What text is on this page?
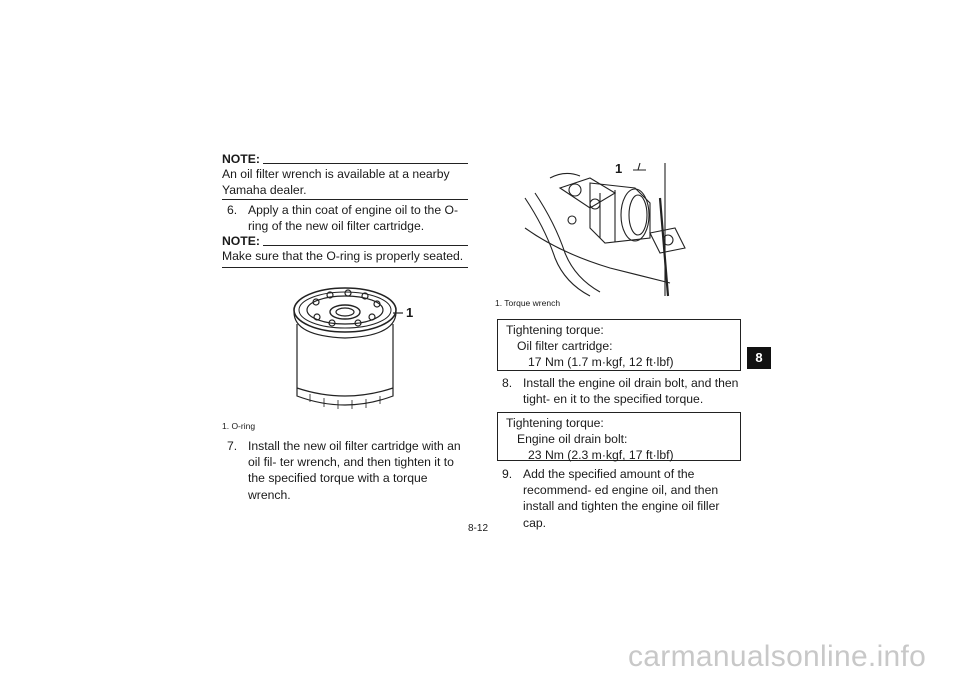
NOTE:
An oil filter wrench is available at a nearby Yamaha dealer.
6. Apply a thin coat of engine oil to the O-ring of the new oil filter cartridge.
NOTE:
Make sure that the O-ring is properly seated.
1
1. O-ring
7. Install the new oil filter cartridge with an oil fil- ter wrench, and then tighten it to the specified torque with a torque wrench.
1
1. Torque wrench
Tightening torque:
Oil filter cartridge:
17 Nm (1.7 m·kgf, 12 ft·lbf)
8. Install the engine oil drain bolt, and then tight- en it to the specified torque.
Tightening torque:
Engine oil drain bolt:
23 Nm (2.3 m·kgf, 17 ft·lbf)
9. Add the specified amount of the recommend- ed engine oil, and then install and tighten the engine oil filler cap.
8
8-12
carmanualsonline.info
